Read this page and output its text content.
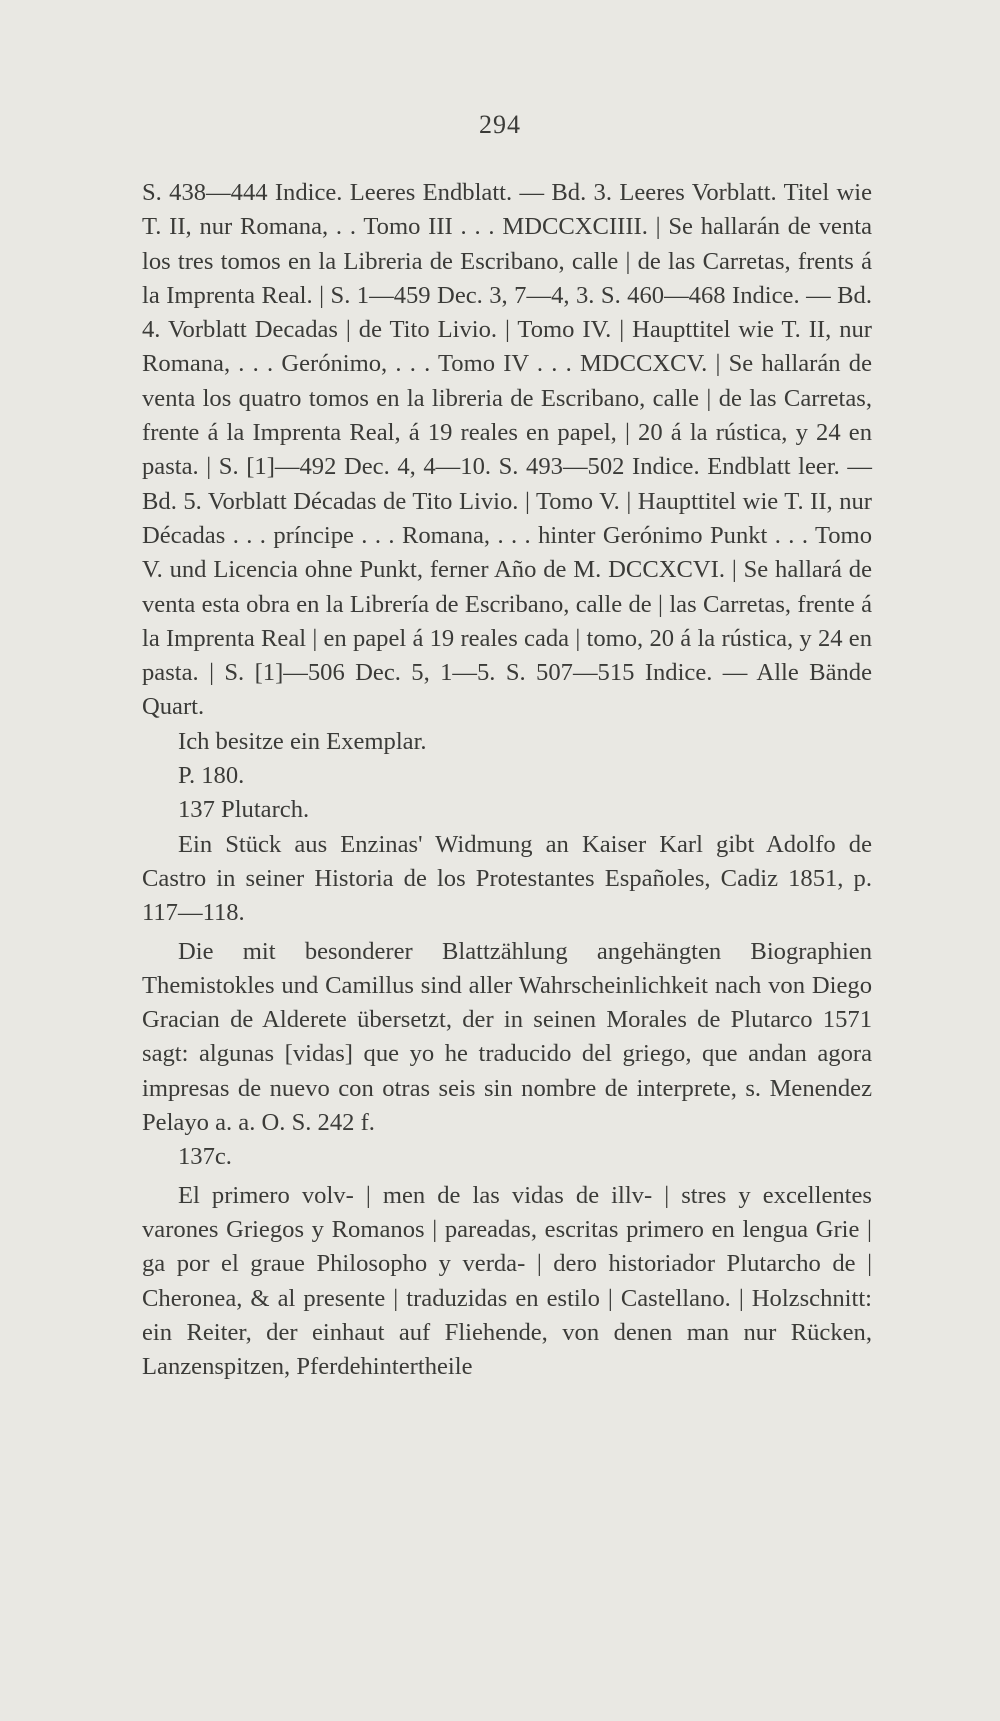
294

S. 438—444 Indice. Leeres Endblatt. — Bd. 3. Leeres Vorblatt. Titel wie T. II, nur Romana, . . Tomo III . . . MDCCXCIIII. | Se hallarán de venta los tres tomos en la Libreria de Escribano, calle | de las Carretas, frents á la Imprenta Real. | S. 1—459 Dec. 3, 7—4, 3. S. 460—468 Indice. — Bd. 4. Vorblatt Decadas | de Tito Livio. | Tomo IV. | Haupttitel wie T. II, nur Romana, . . . Gerónimo, . . . Tomo IV . . . MDCCXCV. | Se hallarán de venta los quatro tomos en la libreria de Escribano, calle | de las Carretas, frente á la Imprenta Real, á 19 reales en papel, | 20 á la rústica, y 24 en pasta. | S. [1]—492 Dec. 4, 4—10. S. 493—502 Indice. Endblatt leer. — Bd. 5. Vorblatt Décadas de Tito Livio. | Tomo V. | Haupttitel wie T. II, nur Décadas . . . príncipe . . . Romana, . . . hinter Gerónimo Punkt . . . Tomo V. und Licencia ohne Punkt, ferner Año de M. DCCXCVI. | Se hallará de venta esta obra en la Librería de Escribano, calle de | las Carretas, frente á la Imprenta Real | en papel á 19 reales cada | tomo, 20 á la rústica, y 24 en pasta. | S. [1]—506 Dec. 5, 1—5. S. 507—515 Indice. — Alle Bände Quart.

Ich besitze ein Exemplar.

P. 180.

137 Plutarch.

Ein Stück aus Enzinas' Widmung an Kaiser Karl gibt Adolfo de Castro in seiner Historia de los Protestantes Españoles, Cadiz 1851, p. 117—118.

Die mit besonderer Blattzählung angehängten Biographien Themistokles und Camillus sind aller Wahrscheinlichkeit nach von Diego Gracian de Alderete übersetzt, der in seinen Morales de Plutarco 1571 sagt: algunas [vidas] que yo he traducido del griego, que andan agora impresas de nuevo con otras seis sin nombre de interprete, s. Menendez Pelayo a. a. O. S. 242 f.

137c.

El primero volv- | men de las vidas de illv- | stres y excellentes varones Griegos y Romanos | pareadas, escritas primero en lengua Grie | ga por el graue Philosopho y verda- | dero historiador Plutarcho de | Cheronea, & al presente | traduzidas en estilo | Castellano. | Holzschnitt: ein Reiter, der einhaut auf Fliehende, von denen man nur Rücken, Lanzenspitzen, Pferdehintertheile
